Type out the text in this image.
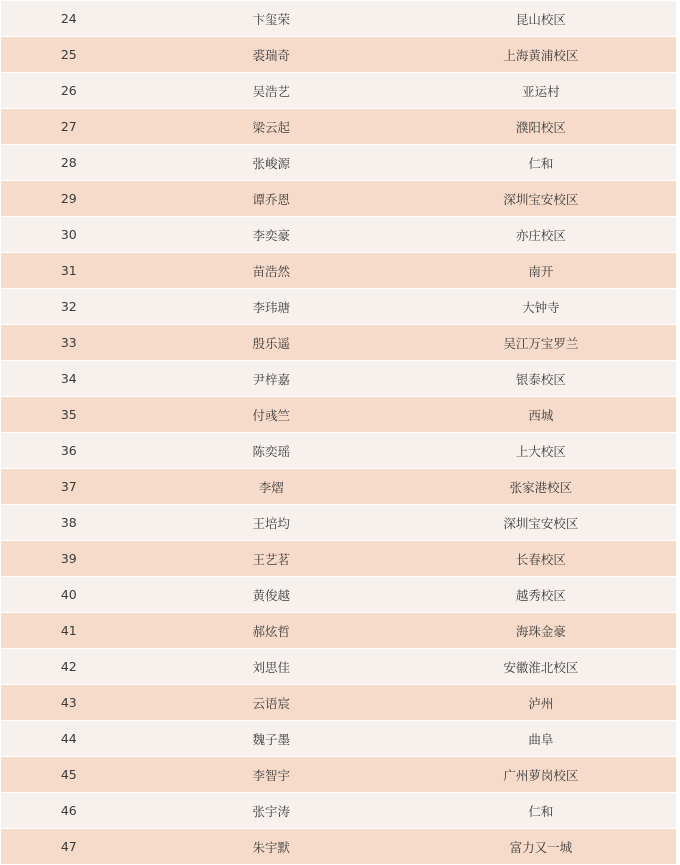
24	卞玺荣	昆山校区
25	裘瑞奇	上海黄浦校区
26	吴浩艺	亚运村
27	梁云起	濮阳校区
28	张峻源	仁和
29	谭乔恩	深圳宝安校区
30	李奕豪	亦庄校区
31	苗浩然	南开
32	李玮瑭	大钟寺
33	殷乐遥	吴江万宝罗兰
34	尹梓嘉	银泰校区
35	付彧竺	西城
36	陈奕瑶	上大校区
37	李熠	张家港校区
38	王培均	深圳宝安校区
39	王艺茗	长春校区
40	黄俊越	越秀校区
41	郝炫哲	海珠金豪
42	刘思佳	安徽淮北校区
43	云语宸	泸州
44	魏子墨	曲阜
45	李智宇	广州萝岗校区
46	张宇涛	仁和
47	朱宇默	富力又一城
